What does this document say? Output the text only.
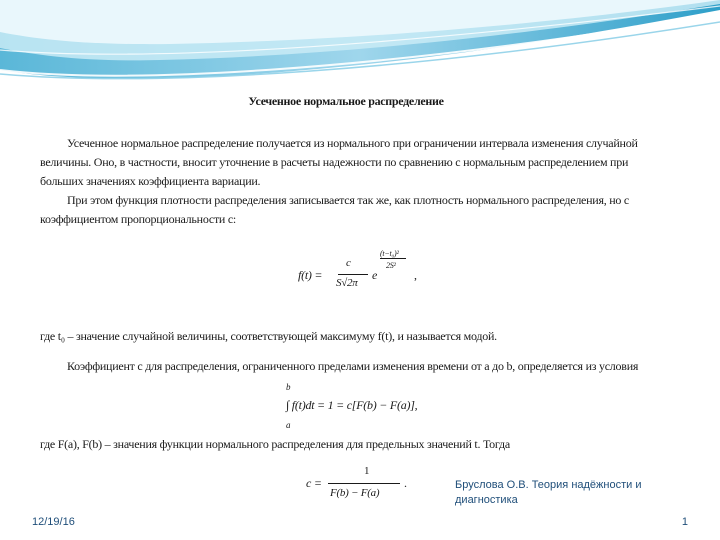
Усеченное нормальное распределение
Усеченное нормальное распределение получается из нормального при ограничении интервала изменения случайной
величины. Оно, в частности, вносит уточнение в расчеты надежности по сравнению с нормальным распределением при
больших значениях коэффициента вариации.
При этом функция плотности распределения записывается так же, как плотность нормального распределения, но с
коэффициентом пропорциональности с:
f(t) =
c
S√2π
e
(t−t₀)²
2S²
,
где t₀ – значение случайной величины, соответствующей максимуму f(t), и называется модой.
Коэффициент с для распределения, ограниченного пределами изменения времени от a до b, определяется из условия
b
∫ f(t)dt = 1 = c[F(b) − F(a)],
a
где F(a), F(b) – значения функции нормального распределения для предельных значений t. Тогда
c =
1
F(b) − F(a)
.	Бруслова О.В. Теория надёжности и диагностика
12/19/16	1
